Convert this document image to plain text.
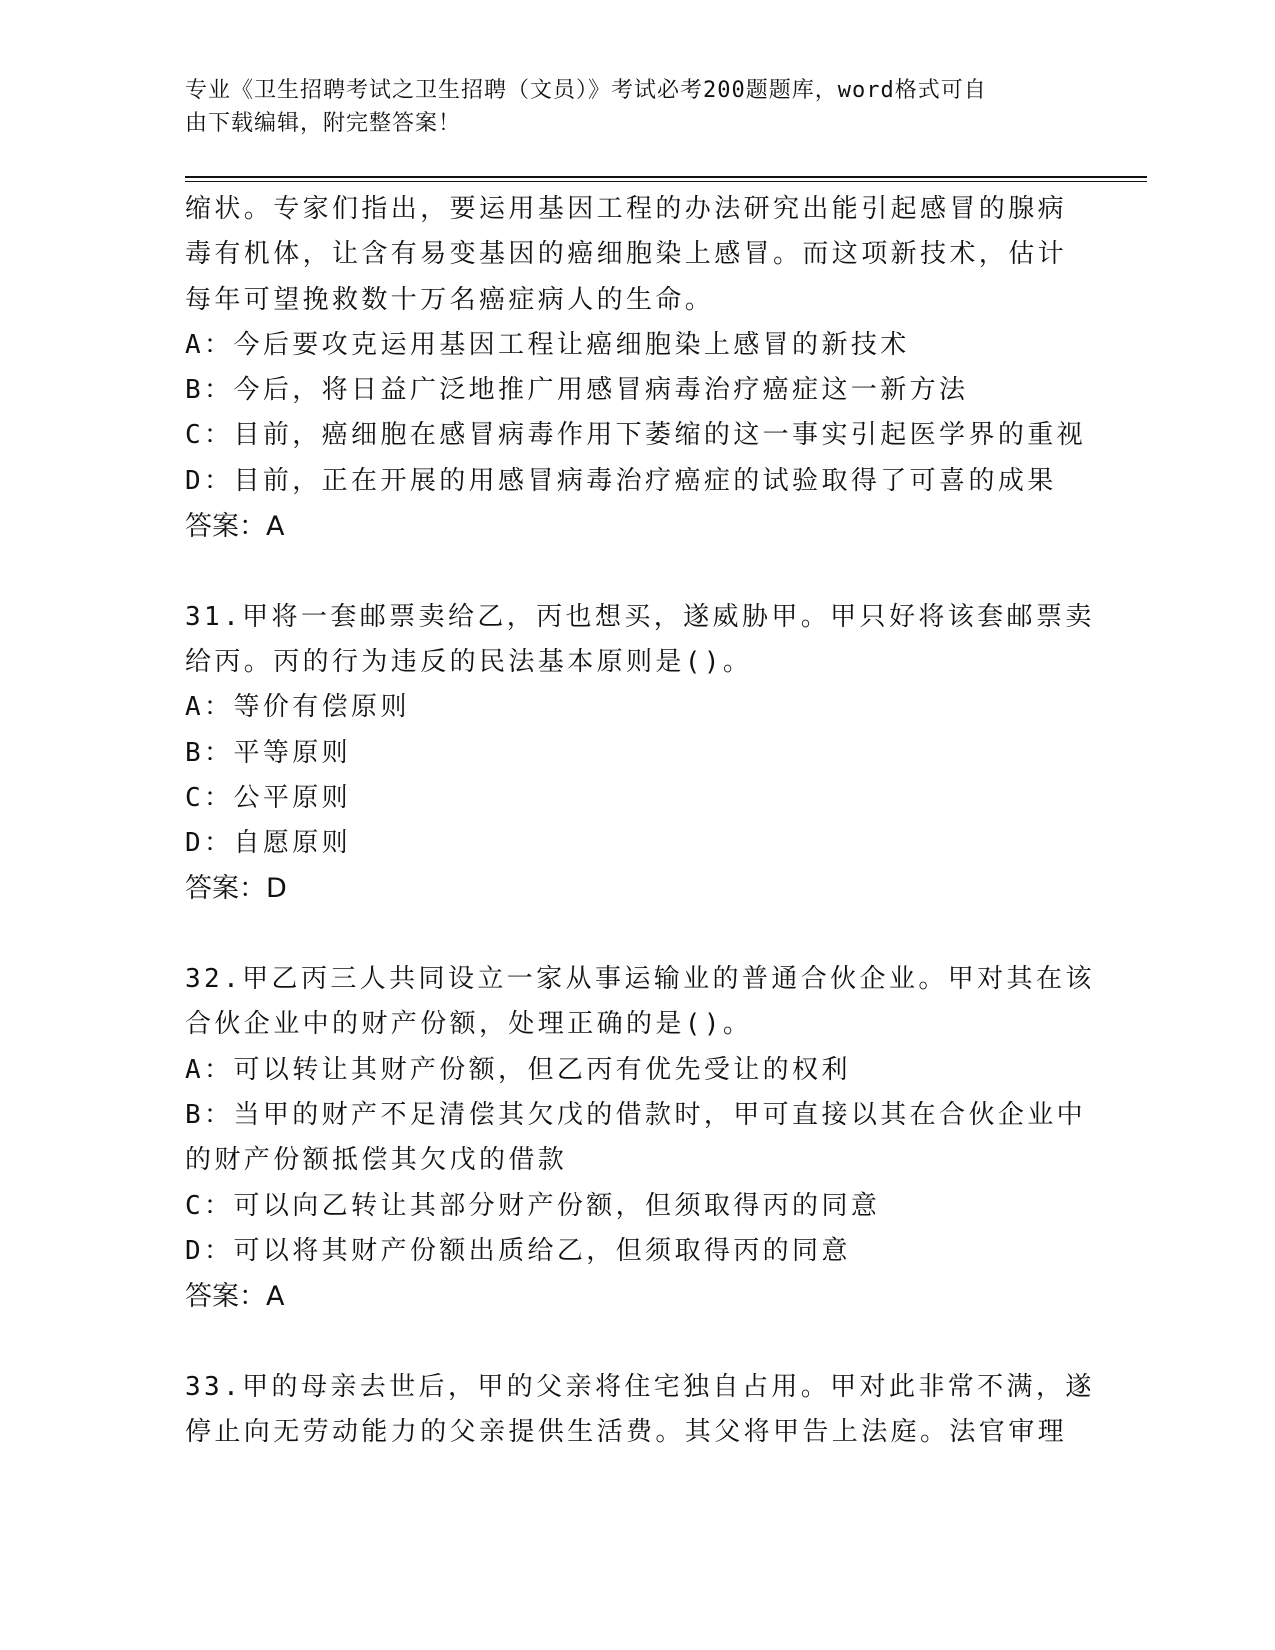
专业《卫生招聘考试之卫生招聘（文员）》考试必考200题题库，word格式可自
由下载编辑，附完整答案！
缩状。专家们指出，要运用基因工程的办法研究出能引起感冒的腺病
毒有机体，让含有易变基因的癌细胞染上感冒。而这项新技术，估计
每年可望挽救数十万名癌症病人的生命。
A：今后要攻克运用基因工程让癌细胞染上感冒的新技术
B：今后，将日益广泛地推广用感冒病毒治疗癌症这一新方法
C：目前，癌细胞在感冒病毒作用下萎缩的这一事实引起医学界的重视
D：目前，正在开展的用感冒病毒治疗癌症的试验取得了可喜的成果
答案：A
31.甲将一套邮票卖给乙，丙也想买，遂威胁甲。甲只好将该套邮票卖
给丙。丙的行为违反的民法基本原则是()。
A：等价有偿原则
B：平等原则
C：公平原则
D：自愿原则
答案：D
32.甲乙丙三人共同设立一家从事运输业的普通合伙企业。甲对其在该
合伙企业中的财产份额，处理正确的是()。
A：可以转让其财产份额，但乙丙有优先受让的权利
B：当甲的财产不足清偿其欠戊的借款时，甲可直接以其在合伙企业中
的财产份额抵偿其欠戊的借款
C：可以向乙转让其部分财产份额，但须取得丙的同意
D：可以将其财产份额出质给乙，但须取得丙的同意
答案：A
33.甲的母亲去世后，甲的父亲将住宅独自占用。甲对此非常不满，遂
停止向无劳动能力的父亲提供生活费。其父将甲告上法庭。法官审理
